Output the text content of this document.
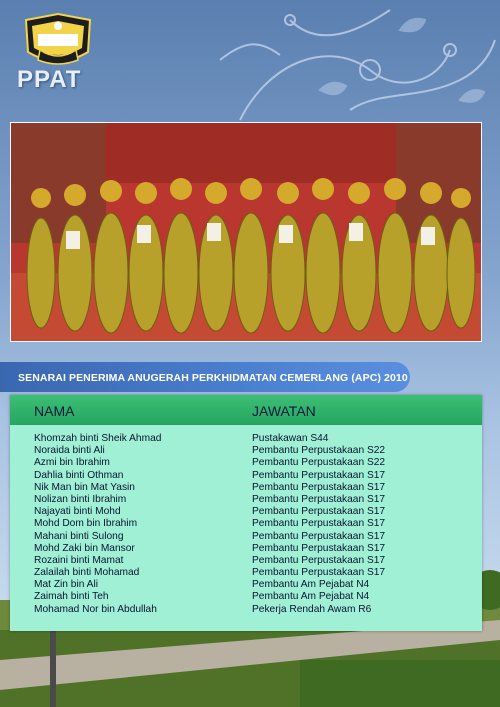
PPAT
SENARAI PENERIMA ANUGERAH PERKHIDMATAN CEMERLANG (APC) 2010
NAMA	JAWATAN
Khomzah binti Sheik Ahmad	Pustakawan S44
Noraida binti Ali	Pembantu Perpustakaan S22
Azmi bin Ibrahim	Pembantu Perpustakaan S22
Dahlia binti Othman	Pembantu Perpustakaan S17
Nik Man bin Mat Yasin	Pembantu Perpustakaan S17
Nolizan binti Ibrahim	Pembantu Perpustakaan S17
Najayati binti Mohd	Pembantu Perpustakaan S17
Mohd Dom bin Ibrahim	Pembantu Perpustakaan S17
Mahani binti Sulong	Pembantu Perpustakaan S17
Mohd Zaki bin Mansor	Pembantu Perpustakaan S17
Rozaini binti Mamat	Pembantu Perpustakaan S17
Zalailah binti Mohamad	Pembantu Perpustakaan S17
Mat Zin bin Ali	Pembantu Am Pejabat N4
Zaimah binti Teh	Pembantu Am Pejabat N4
Mohamad Nor bin Abdullah	Pekerja Rendah Awam R6
